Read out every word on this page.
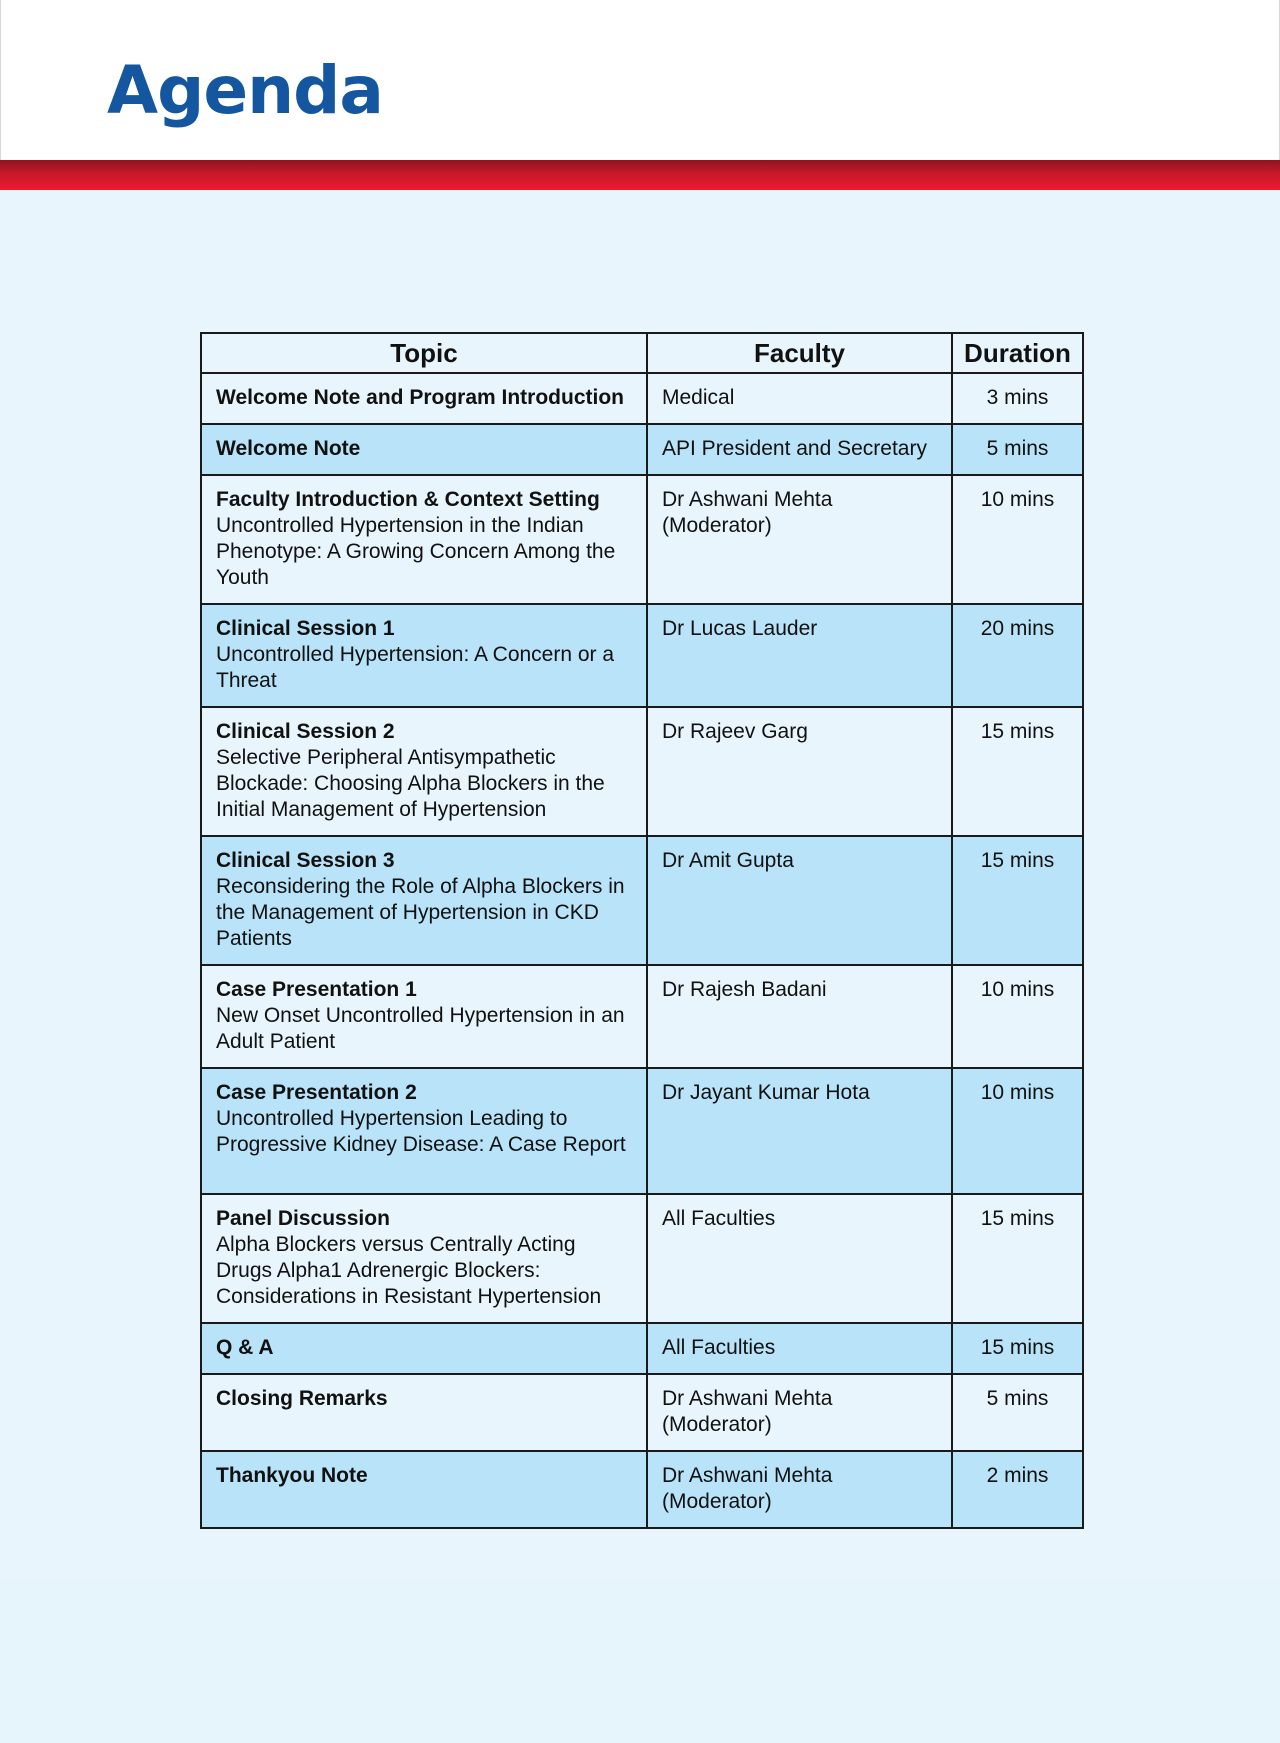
Agenda
Topic	Faculty	Duration

Welcome Note and Program Introduction	Medical	3 mins

Welcome Note	API President and Secretary	5 mins

Faculty Introduction & Context Setting
Uncontrolled Hypertension in the Indian Phenotype: A Growing Concern Among the Youth	Dr Ashwani Mehta (Moderator)	10 mins

Clinical Session 1
Uncontrolled Hypertension: A Concern or a Threat	Dr Lucas Lauder	20 mins

Clinical Session 2
Selective Peripheral Antisympathetic Blockade: Choosing Alpha Blockers in the Initial Management of Hypertension	Dr Rajeev Garg	15 mins

Clinical Session 3
Reconsidering the Role of Alpha Blockers in the Management of Hypertension in CKD Patients	Dr Amit Gupta	15 mins

Case Presentation 1
New Onset Uncontrolled Hypertension in an Adult Patient	Dr Rajesh Badani	10 mins

Case Presentation 2
Uncontrolled Hypertension Leading to Progressive Kidney Disease: A Case Report	Dr Jayant Kumar Hota	10 mins

Panel Discussion
Alpha Blockers versus Centrally Acting Drugs Alpha1 Adrenergic Blockers: Considerations in Resistant Hypertension	All Faculties	15 mins

Q & A	All Faculties	15 mins

Closing Remarks	Dr Ashwani Mehta (Moderator)	5 mins

Thankyou Note	Dr Ashwani Mehta (Moderator)	2 mins
